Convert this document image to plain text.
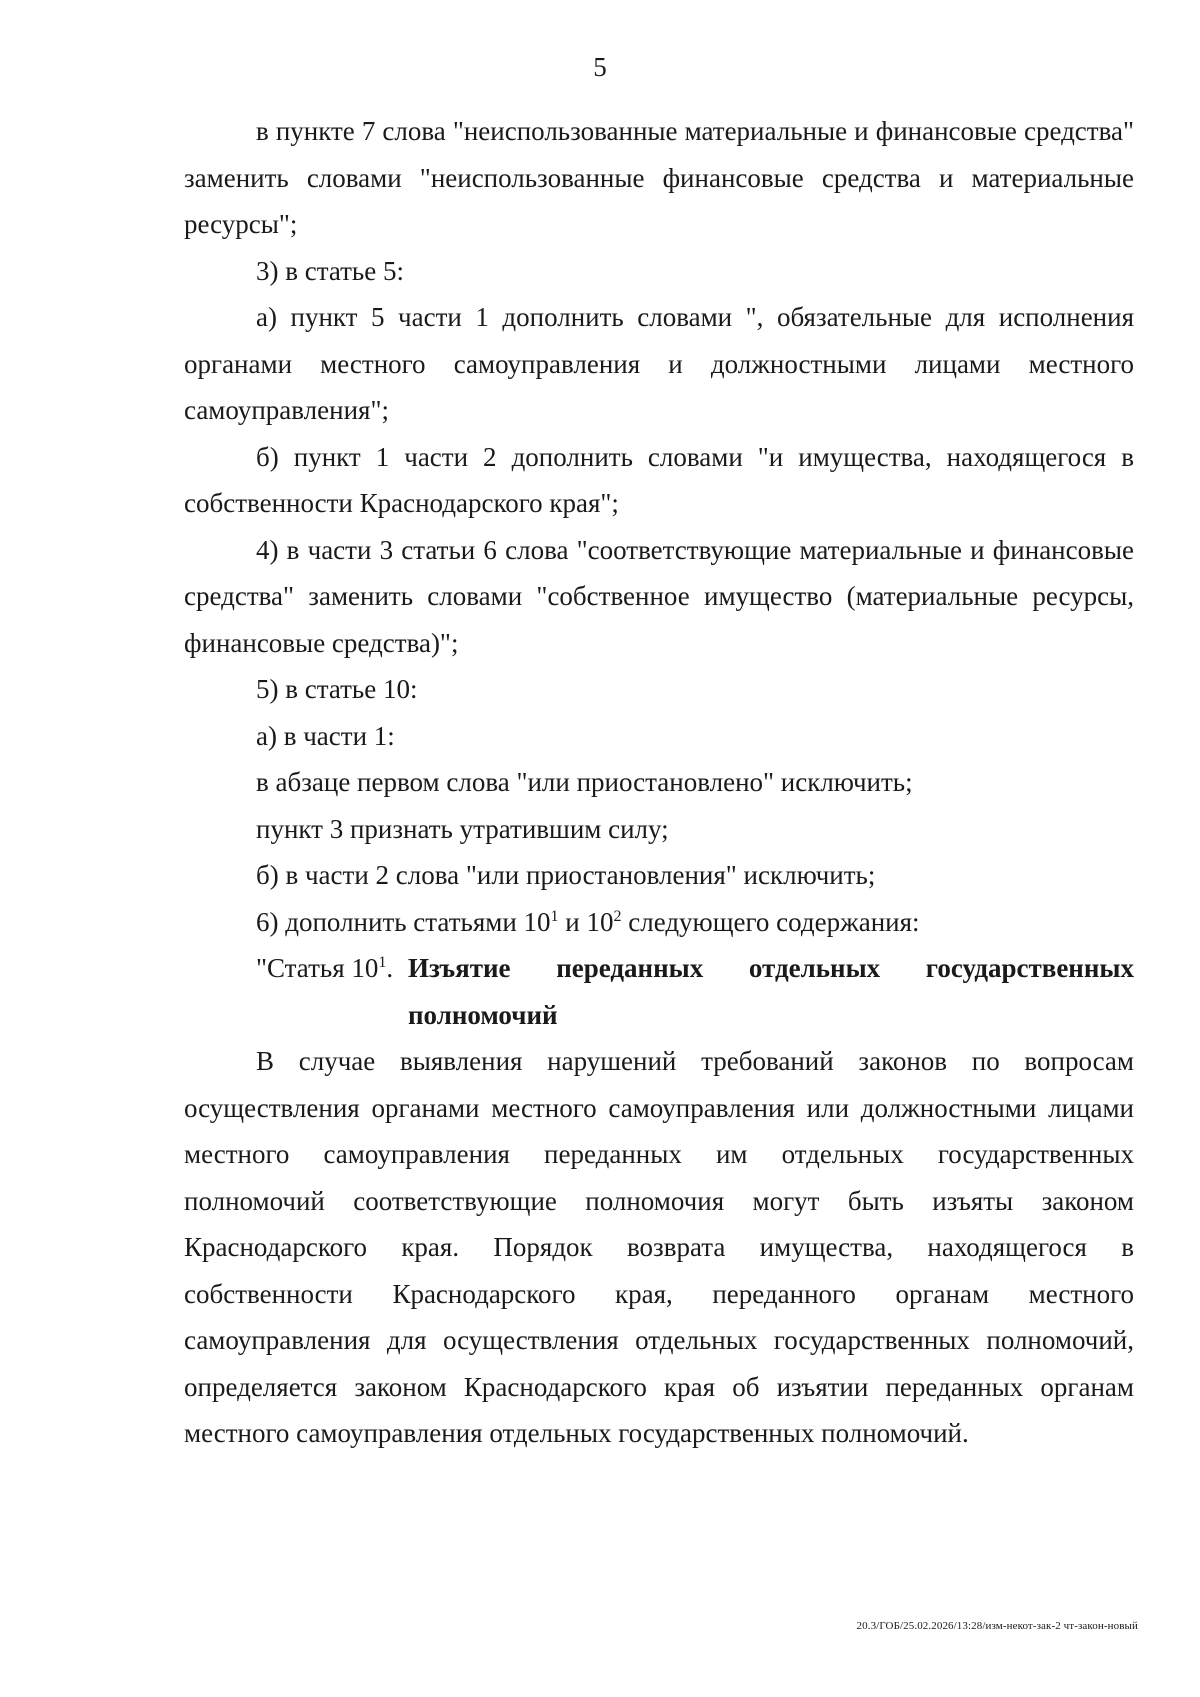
5

в пункте 7 слова "неиспользованные материальные и финансовые средства" заменить словами "неиспользованные финансовые средства и материальные ресурсы";

3) в статье 5:

а) пункт 5 части 1 дополнить словами ", обязательные для исполнения органами местного самоуправления и должностными лицами местного самоуправления";

б) пункт 1 части 2 дополнить словами "и имущества, находящегося в собственности Краснодарского края";

4) в части 3 статьи 6 слова "соответствующие материальные и финансовые средства" заменить словами "собственное имущество (материальные ресурсы, финансовые средства)";

5) в статье 10:

а) в части 1:

в абзаце первом слова "или приостановлено" исключить;

пункт 3 признать утратившим силу;

б) в части 2 слова "или приостановления" исключить;

6) дополнить статьями $10^1$ и $10^2$ следующего содержания:

"Статья $10^1$. Изъятие переданных отдельных государственных полномочий

В случае выявления нарушений требований законов по вопросам осуществления органами местного самоуправления или должностными лицами местного самоуправления переданных им отдельных государственных полномочий соответствующие полномочия могут быть изъяты законом Краснодарского края. Порядок возврата имущества, находящегося в собственности Краснодарского края, переданного органам местного самоуправления для осуществления отдельных государственных полномочий, определяется законом Краснодарского края об изъятии переданных органам местного самоуправления отдельных государственных полномочий.

20.3/ГОБ/25.02.2026/13:28/изм-некот-зак-2 чт-закон-новый
